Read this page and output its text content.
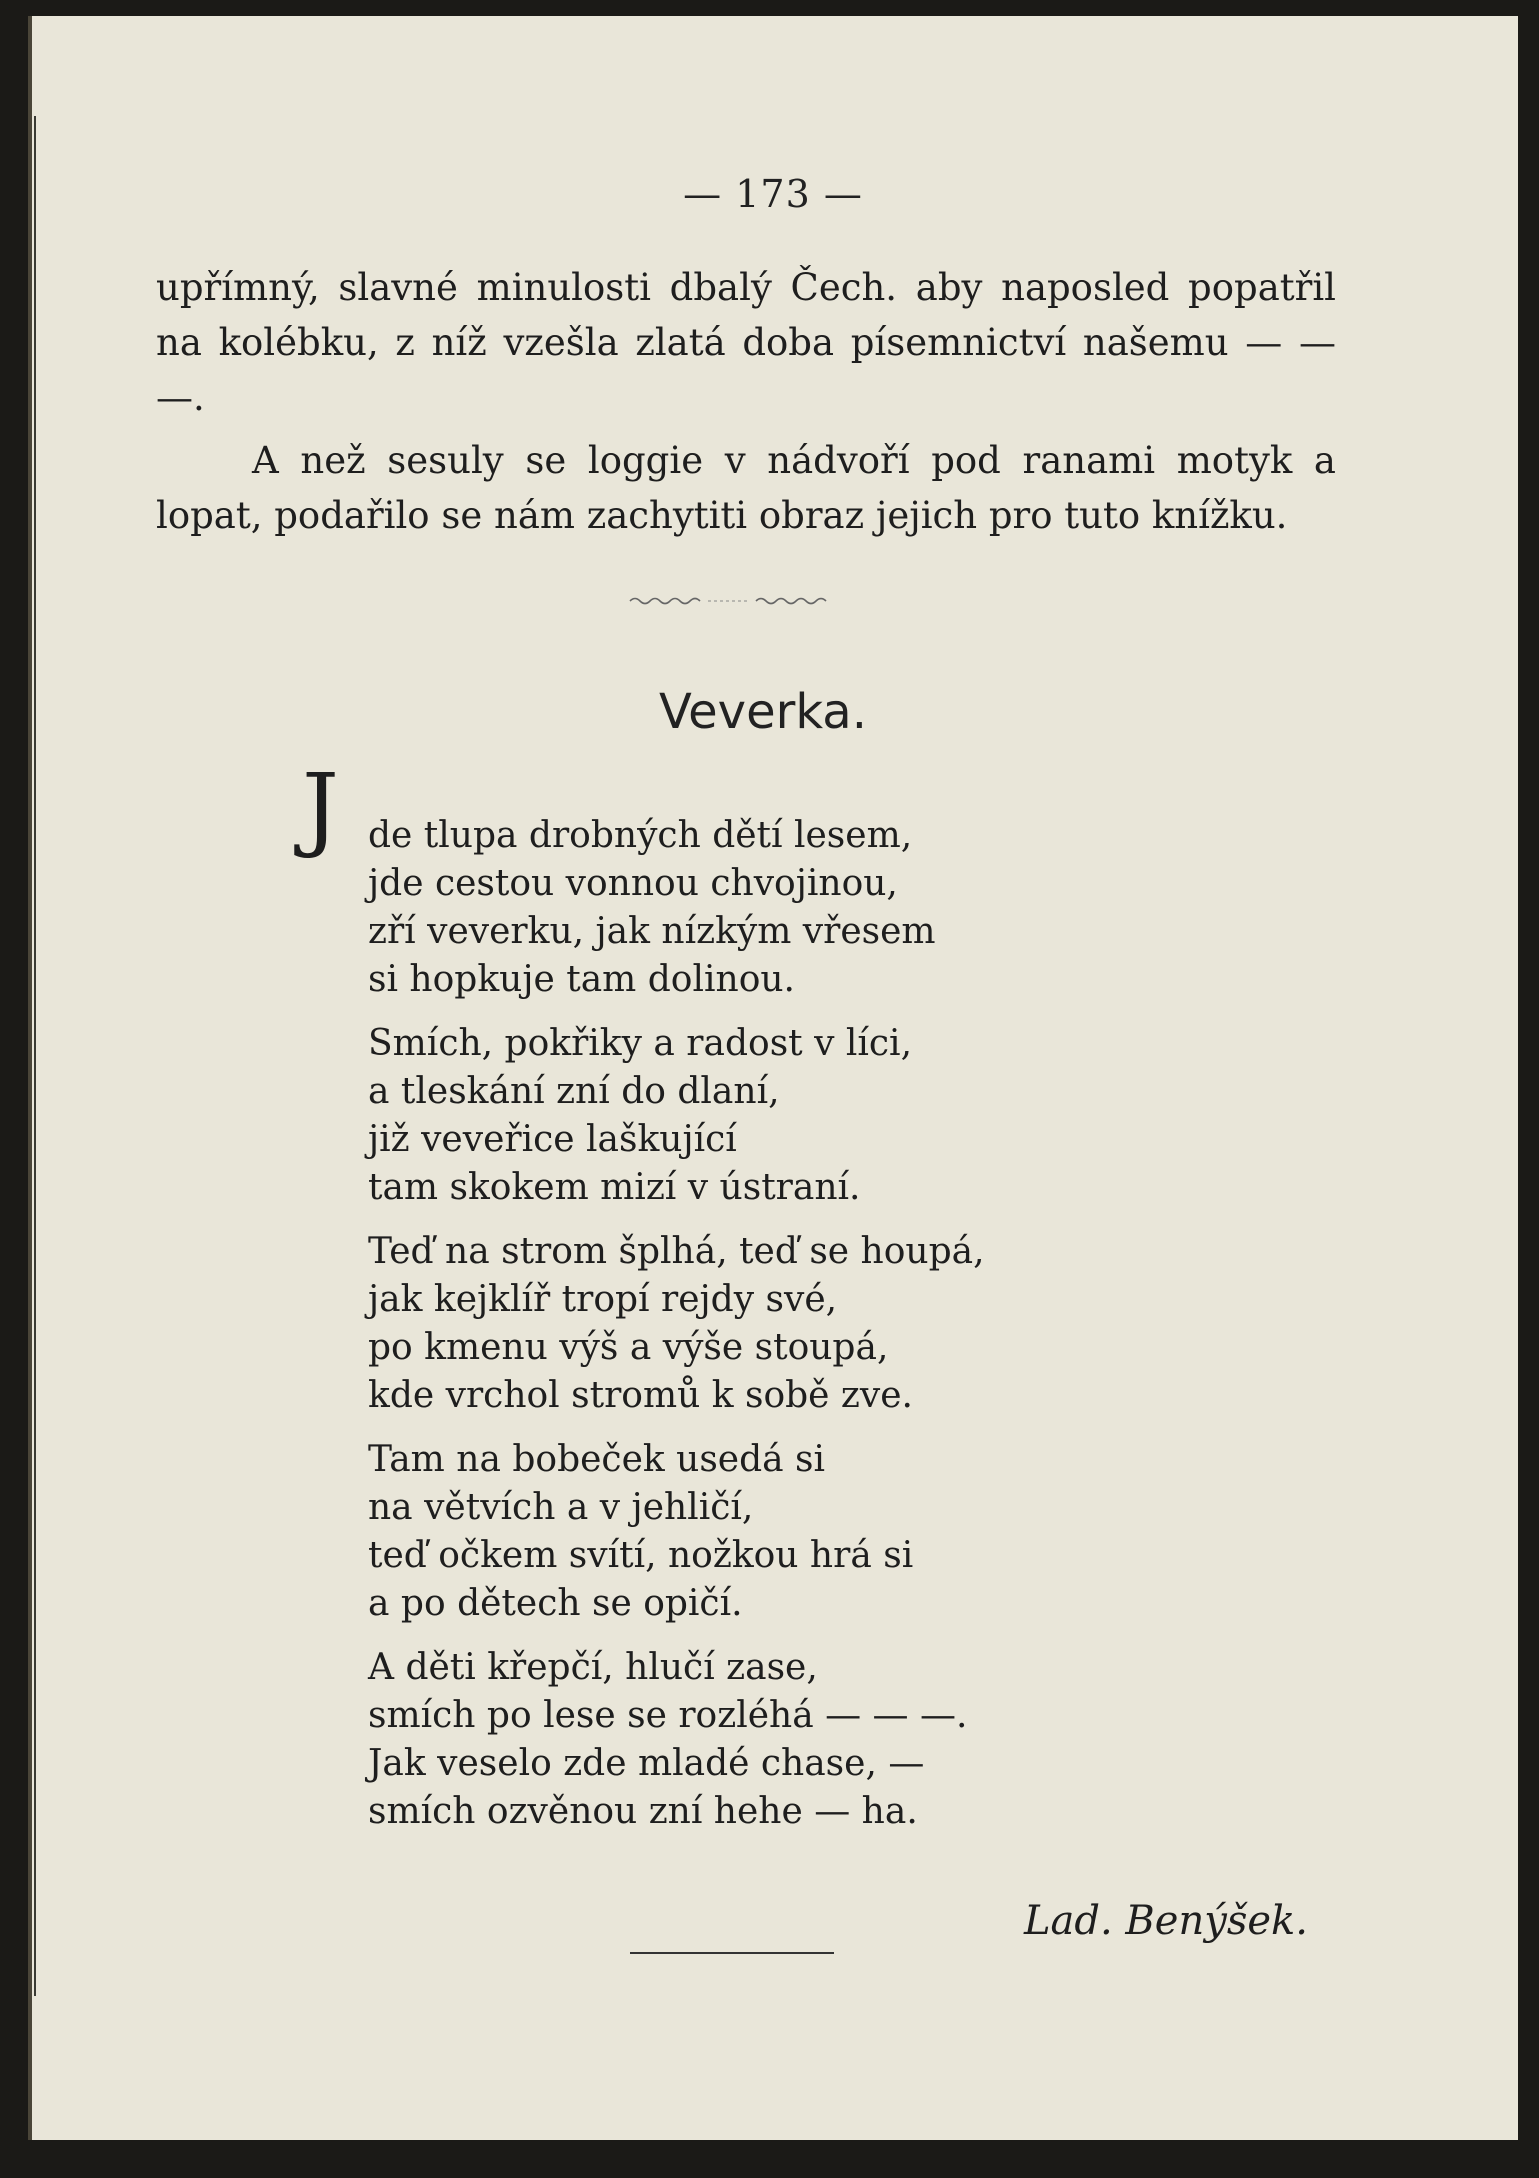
— 173 —

upřímný, slavné minulosti dbalý Čech. aby naposled popatřil na kolébku, z níž vzešla zlatá doba písemnictví našemu — — —.

A než sesuly se loggie v nádvoří pod ranami motyk a lopat, podařilo se nám zachytiti obraz jejich pro tuto knížku.

Veverka.
J de tlupa drobných dětí lesem,
jde cestou vonnou chvojinou,
zří veverku, jak nízkým vřesem
si hopkuje tam dolinou.
Smích, pokřiky a radost v líci,
a tleskání zní do dlaní,
již veveřice laškující
tam skokem mizí v ústraní.
Teď na strom šplhá, teď se houpá,
jak kejklíř tropí rejdy své,
po kmenu výš a výše stoupá,
kde vrchol stromů k sobě zve.
Tam na bobeček usedá si
na větvích a v jehličí,
teď očkem svítí, nožkou hrá si
a po dětech se opičí.
A děti křepčí, hlučí zase,
smích po lese se rozléhá — — —.
Jak veselo zde mladé chase, —
smích ozvěnou zní hehe — ha.
Lad. Benýšek.
